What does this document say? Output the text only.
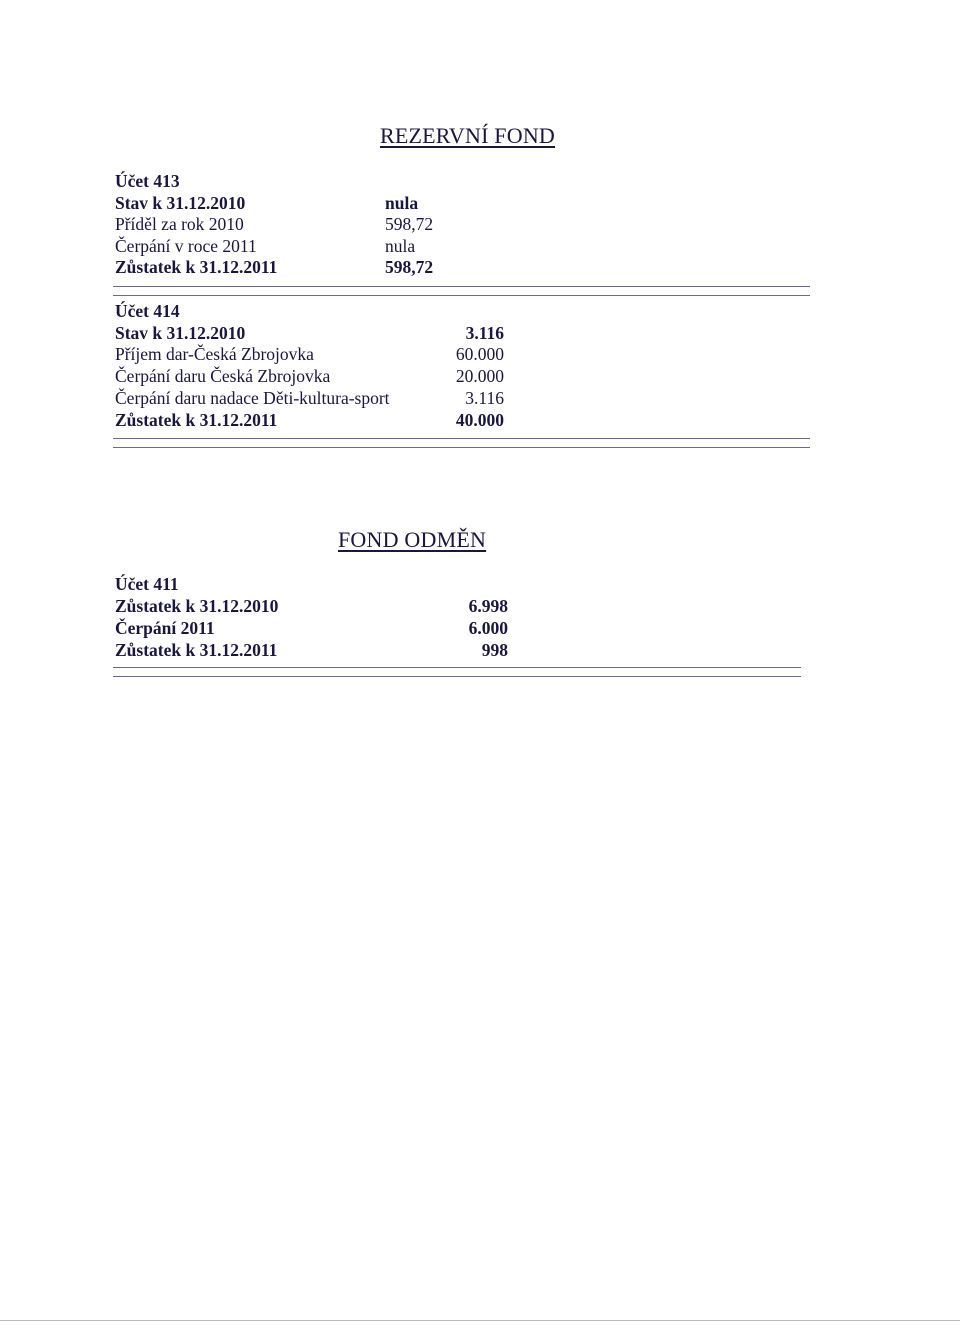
REZERVNÍ FOND
Účet 413
Stav k 31.12.2010	nula
Příděl za rok 2010	598,72
Čerpání v roce 2011	nula
Zůstatek k 31.12.2011	598,72
Účet 414
Stav k 31.12.2010	3.116
Příjem dar-Česká Zbrojovka	60.000
Čerpání daru Česká Zbrojovka	20.000
Čerpání daru nadace Děti-kultura-sport	3.116
Zůstatek k 31.12.2011	40.000
FOND ODMĚN
Účet 411
Zůstatek k 31.12.2010	6.998
Čerpání 2011	6.000
Zůstatek k 31.12.2011	998
